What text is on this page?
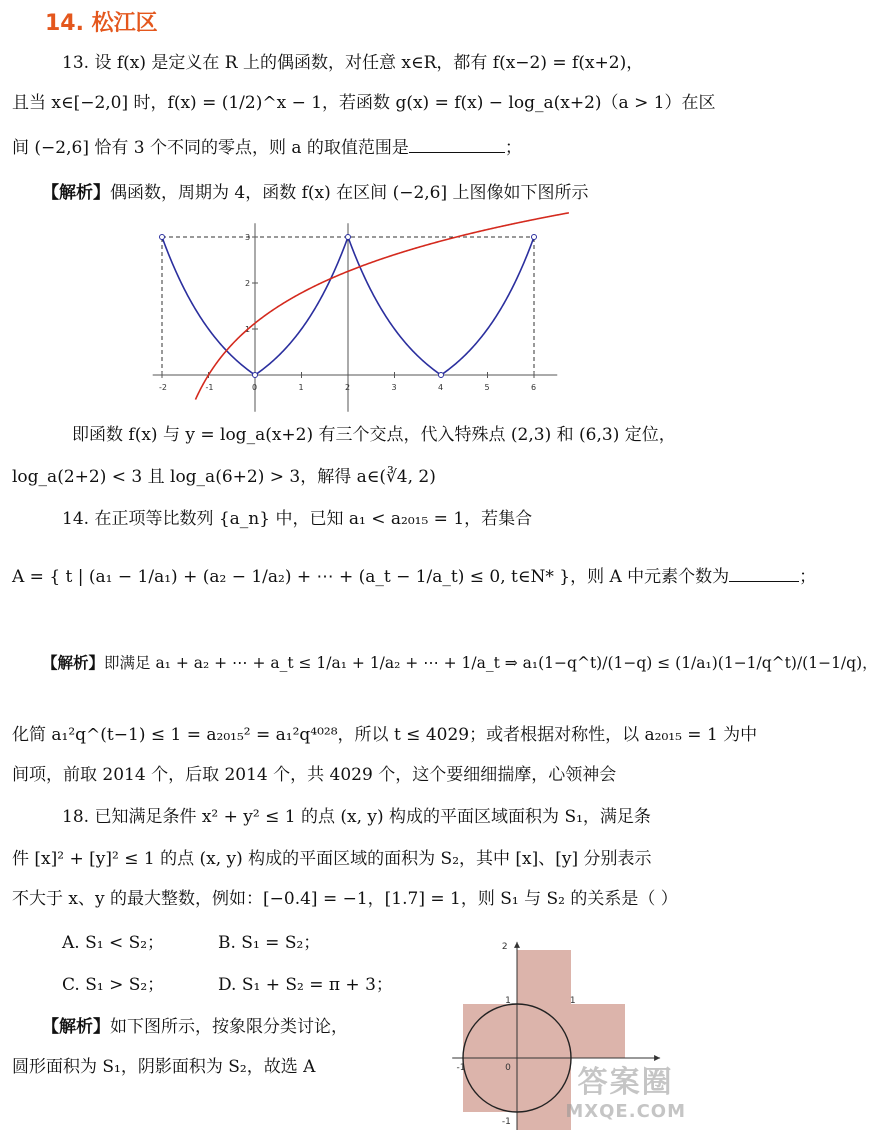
14. 松江区
13. 设 f(x) 是定义在 R 上的偶函数，对任意 x∈R，都有 f(x−2) = f(x+2)，
且当 x∈[−2,0] 时，f(x) = (1/2)^x − 1，若函数 g(x) = f(x) − log_a(x+2)（a > 1）在区
间 (−2,6] 恰有 3 个不同的零点，则 a 的取值范围是	；
【解析】偶函数，周期为 4，函数 f(x) 在区间 (−2,6] 上图像如下图所示
-2	-1	0	1	2	3	4	5	6
1
2
3
即函数 f(x) 与 y = log_a(x+2) 有三个交点，代入特殊点 (2,3) 和 (6,3) 定位，
log_a(2+2) < 3 且 log_a(6+2) > 3，解得 a∈(∛4, 2)
14. 在正项等比数列 {a_n} 中，已知 a₁ < a₂₀₁₅ = 1，若集合
A = { t | (a₁ − 1/a₁) + (a₂ − 1/a₂) + ⋯ + (a_t − 1/a_t) ≤ 0, t∈N* }，则 A 中元素个数为	；
【解析】即满足 a₁ + a₂ + ⋯ + a_t ≤ 1/a₁ + 1/a₂ + ⋯ + 1/a_t ⇒ a₁(1−q^t)/(1−q) ≤ (1/a₁)(1−1/q^t)/(1−1/q)，
化简 a₁²q^(t−1) ≤ 1 = a₂₀₁₅² = a₁²q⁴⁰²⁸，所以 t ≤ 4029；或者根据对称性，以 a₂₀₁₅ = 1 为中
间项，前取 2014 个，后取 2014 个，共 4029 个，这个要细细揣摩，心领神会
18. 已知满足条件 x² + y² ≤ 1 的点 (x, y) 构成的平面区域面积为 S₁，满足条
件 [x]² + [y]² ≤ 1 的点 (x, y) 构成的平面区域的面积为 S₂，其中 [x]、[y] 分别表示
不大于 x、y 的最大整数，例如：[−0.4] = −1，[1.7] = 1，则 S₁ 与 S₂ 的关系是（ ）
A. S₁ < S₂；	B. S₁ = S₂；
C. S₁ > S₂；	D. S₁ + S₂ = π + 3；
【解析】如下图所示，按象限分类讨论，
圆形面积为 S₁，阴影面积为 S₂，故选 A
2
1
0
-1
1
-1
答案圈
MXQE.COM
